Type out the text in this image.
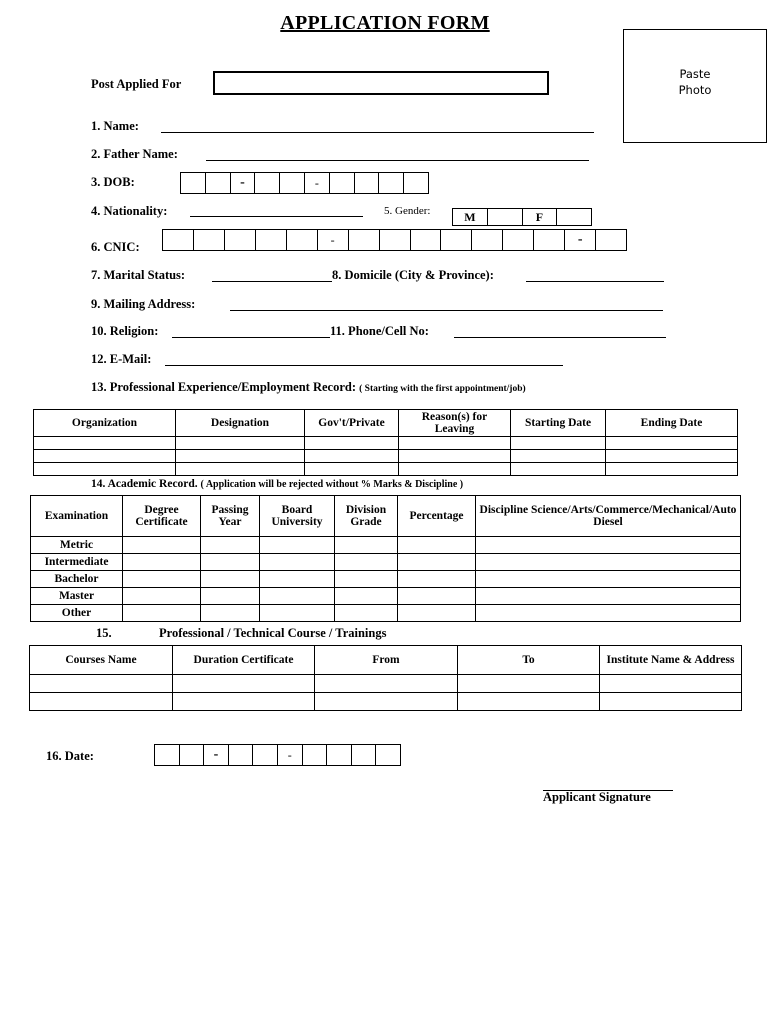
APPLICATION FORM
Paste
Photo
Post Applied For
1. Name:
2. Father Name:
3. DOB:	-	-
4. Nationality:	5. Gender:	M	F
6. CNIC:	-	-
7. Marital Status:	8. Domicile (City & Province):
9. Mailing Address:
10. Religion:	11. Phone/Cell No:
12. E-Mail:
13. Professional Experience/Employment Record: ( Starting with the first appointment/job)
Organization	Designation	Gov't/Private	Reason(s) for Leaving	Starting Date	Ending Date

14. Academic Record. ( Application will be rejected without % Marks & Discipline )
Examination	Degree Certificate	Passing Year	Board University	Division Grade	Percentage	Discipline Science/Arts/Commerce/Mechanical/Auto Diesel
Metric						
Intermediate						
Bachelor						
Master						
Other						
15.	Professional / Technical Course / Trainings
Courses Name	Duration Certificate	From	To	Institute Name & Address

16. Date:	-	-
Applicant Signature
